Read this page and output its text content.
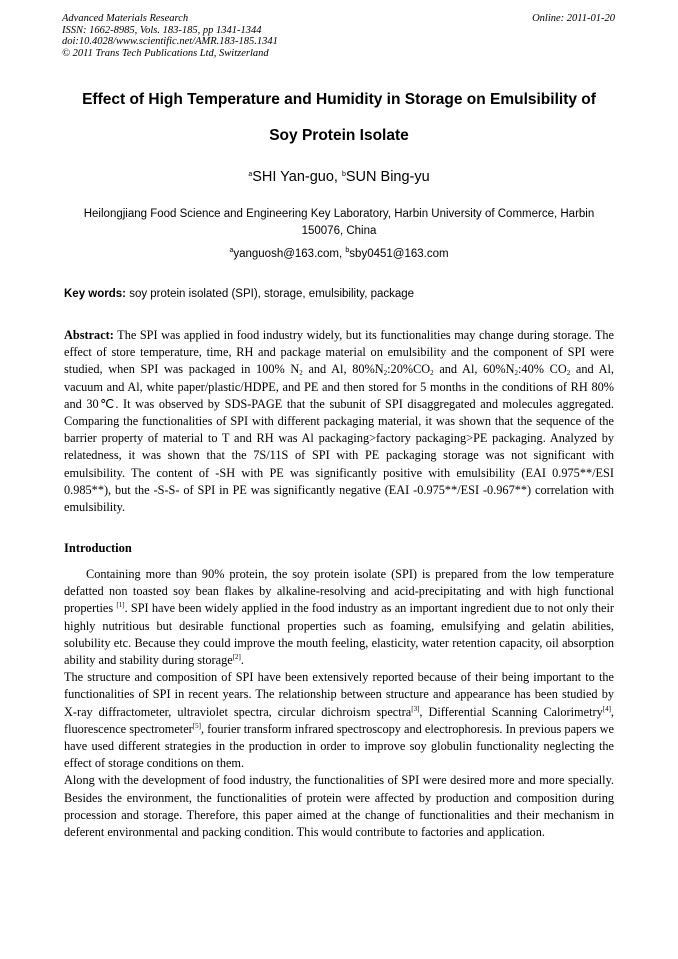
Advanced Materials Research
ISSN: 1662-8985, Vols. 183-185, pp 1341-1344
doi:10.4028/www.scientific.net/AMR.183-185.1341
© 2011 Trans Tech Publications Ltd, Switzerland
Online: 2011-01-20
Effect of High Temperature and Humidity in Storage on Emulsibility of
Soy Protein Isolate
$^a$SHI Yan-guo, $^b$SUN Bing-yu
Heilongjiang Food Science and Engineering Key Laboratory, Harbin University of Commerce, Harbin 150076, China
$^a$yanguosh@163.com, $^b$sby0451@163.com
Key words: soy protein isolated (SPI), storage, emulsibility, package
Abstract: The SPI was applied in food industry widely, but its functionalities may change during storage. The effect of store temperature, time, RH and package material on emulsibility and the component of SPI were studied, when SPI was packaged in 100% $N_2$ and Al, $80\%N_2:20\%CO_2$ and Al, $60\%N_2:40\%$ $CO_2$ and Al, vacuum and Al, white paper/plastic/HDPE, and PE and then stored for 5 months in the conditions of RH 80% and 30℃. It was observed by SDS-PAGE that the subunit of SPI disaggregated and molecules aggregated. Comparing the functionalities of SPI with different packaging material, it was shown that the sequence of the barrier property of material to T and RH was Al packaging>factory packaging>PE packaging. Analyzed by relatedness, it was shown that the 7S/11S of SPI with PE packaging storage was not significant with emulsibility. The content of -SH with PE was significantly positive with emulsibility (EAI 0.975**/ESI 0.985**), but the -S-S- of SPI in PE was significantly negative (EAI -0.975**/ESI -0.967**) correlation with emulsibility.
Introduction

Containing more than 90% protein, the soy protein isolate (SPI) is prepared from the low temperature defatted non toasted soy bean flakes by alkaline-resolving and acid-precipitating and with high functional properties [1]. SPI have been widely applied in the food industry as an important ingredient due to not only their highly nutritious but desirable functional properties such as foaming, emulsifying and gelatin abilities, solubility etc. Because they could improve the mouth feeling, elasticity, water retention capacity, oil absorption ability and stability during storage[2].

The structure and composition of SPI have been extensively reported because of their being important to the functionalities of SPI in recent years. The relationship between structure and appearance has been studied by X-ray diffractometer, ultraviolet spectra, circular dichroism spectra[3], Differential Scanning Calorimetry[4], fluorescence spectrometer[5], fourier transform infrared spectroscopy and electrophoresis. In previous papers we have used different strategies in the production in order to improve soy globulin functionality neglecting the effect of storage conditions on them.

Along with the development of food industry, the functionalities of SPI were desired more and more specially. Besides the environment, the functionalities of protein were affected by production and composition during procession and storage. Therefore, this paper aimed at the change of functionalities and their mechanism in deferent environmental and packing condition. This would contribute to factories and application.
